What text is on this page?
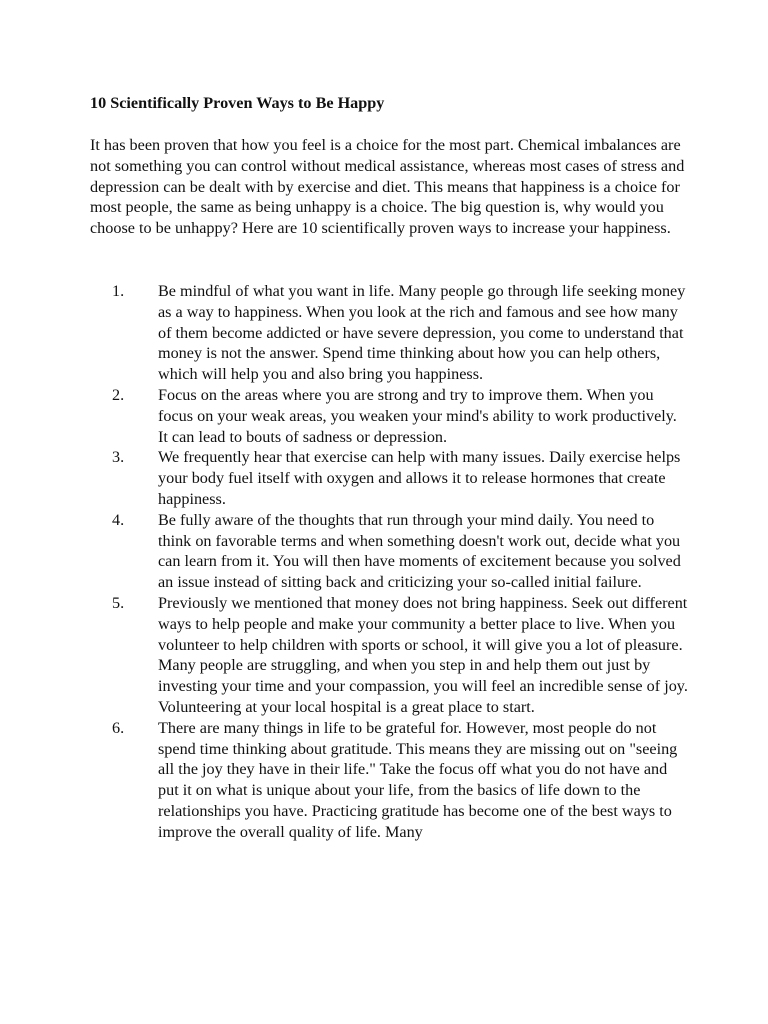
10 Scientifically Proven Ways to Be Happy

It has been proven that how you feel is a choice for the most part. Chemical imbalances are not something you can control without medical assistance, whereas most cases of stress and depression can be dealt with by exercise and diet. This means that happiness is a choice for most people, the same as being unhappy is a choice. The big question is, why would you choose to be unhappy? Here are 10 scientifically proven ways to increase your happiness.

1.	Be mindful of what you want in life. Many people go through life seeking money as a way to happiness. When you look at the rich and famous and see how many of them become addicted or have severe depression, you come to understand that money is not the answer. Spend time thinking about how you can help others, which will help you and also bring you happiness.
2.	Focus on the areas where you are strong and try to improve them. When you focus on your weak areas, you weaken your mind's ability to work productively. It can lead to bouts of sadness or depression.
3.	We frequently hear that exercise can help with many issues. Daily exercise helps your body fuel itself with oxygen and allows it to release hormones that create happiness.
4.	Be fully aware of the thoughts that run through your mind daily. You need to think on favorable terms and when something doesn't work out, decide what you can learn from it. You will then have moments of excitement because you solved an issue instead of sitting back and criticizing your so-called initial failure.
5.	Previously we mentioned that money does not bring happiness. Seek out different ways to help people and make your community a better place to live. When you volunteer to help children with sports or school, it will give you a lot of pleasure. Many people are struggling, and when you step in and help them out just by investing your time and your compassion, you will feel an incredible sense of joy. Volunteering at your local hospital is a great place to start.
6.	There are many things in life to be grateful for. However, most people do not spend time thinking about gratitude. This means they are missing out on "seeing all the joy they have in their life." Take the focus off what you do not have and put it on what is unique about your life, from the basics of life down to the relationships you have. Practicing gratitude has become one of the best ways to improve the overall quality of life. Many
